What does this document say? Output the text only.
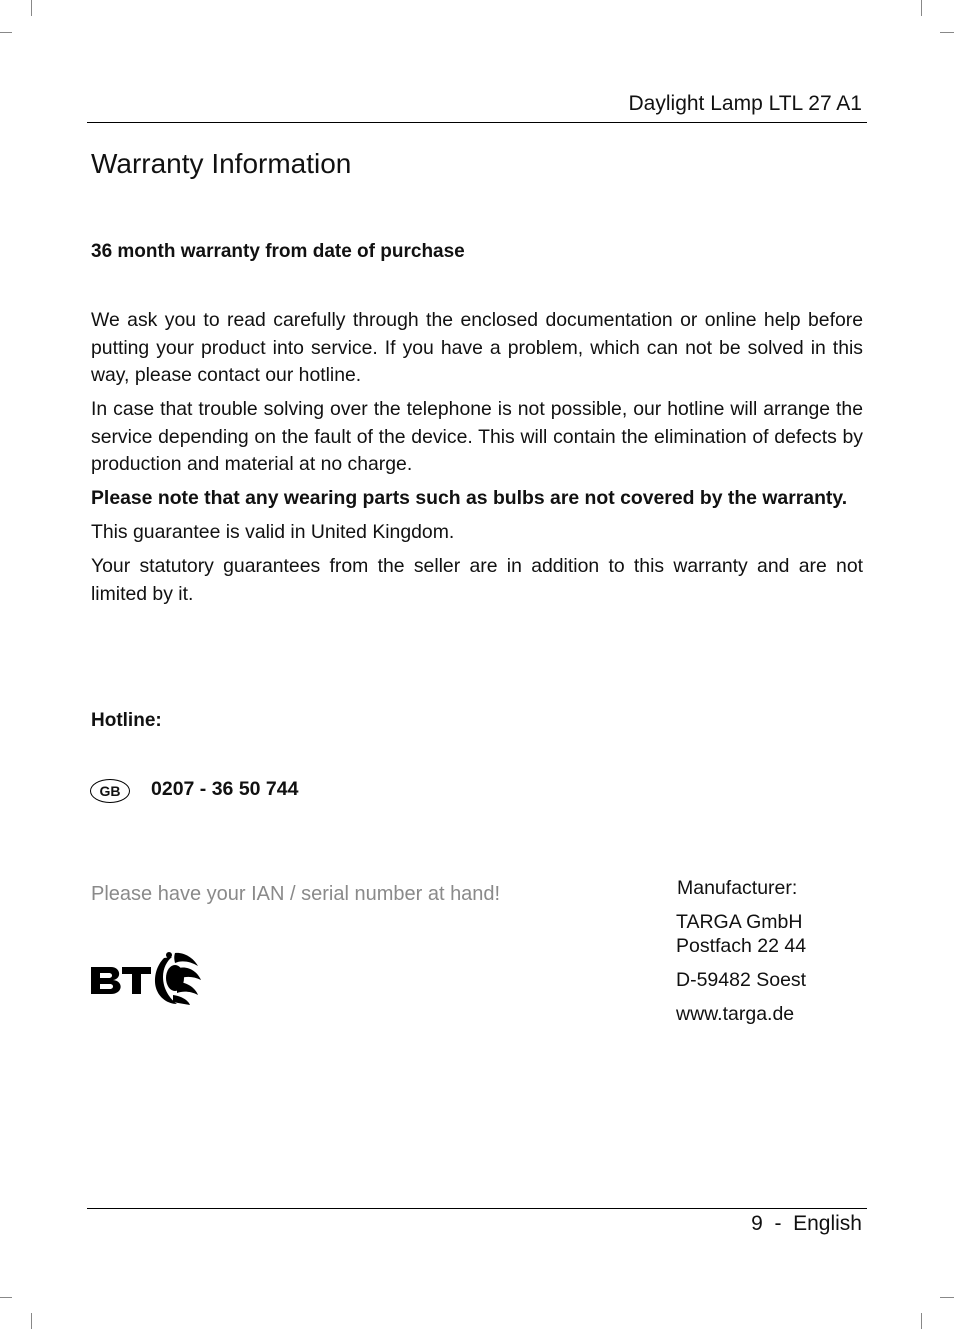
Daylight Lamp LTL 27 A1
Warranty Information
36 month warranty from date of purchase

We ask you to read carefully through the enclosed documentation or online help before putting your product into service. If you have a problem, which can not be solved in this way, please contact our hotline.

In case that trouble solving over the telephone is not possible, our hotline will arrange the service depending on the fault of the device. This will contain the elimination of defects by production and material at no charge.

Please note that any wearing parts such as bulbs are not covered by the warranty.

This guarantee is valid in United Kingdom.

Your statutory guarantees from the seller are in addition to this warranty and are not limited by it.

Hotline:
GB	0207 - 36 50 744
Please have your IAN / serial number at hand!	Manufacturer:
TARGA GmbH
Postfach 22 44
D-59482 Soest
www.targa.de
9 - English
